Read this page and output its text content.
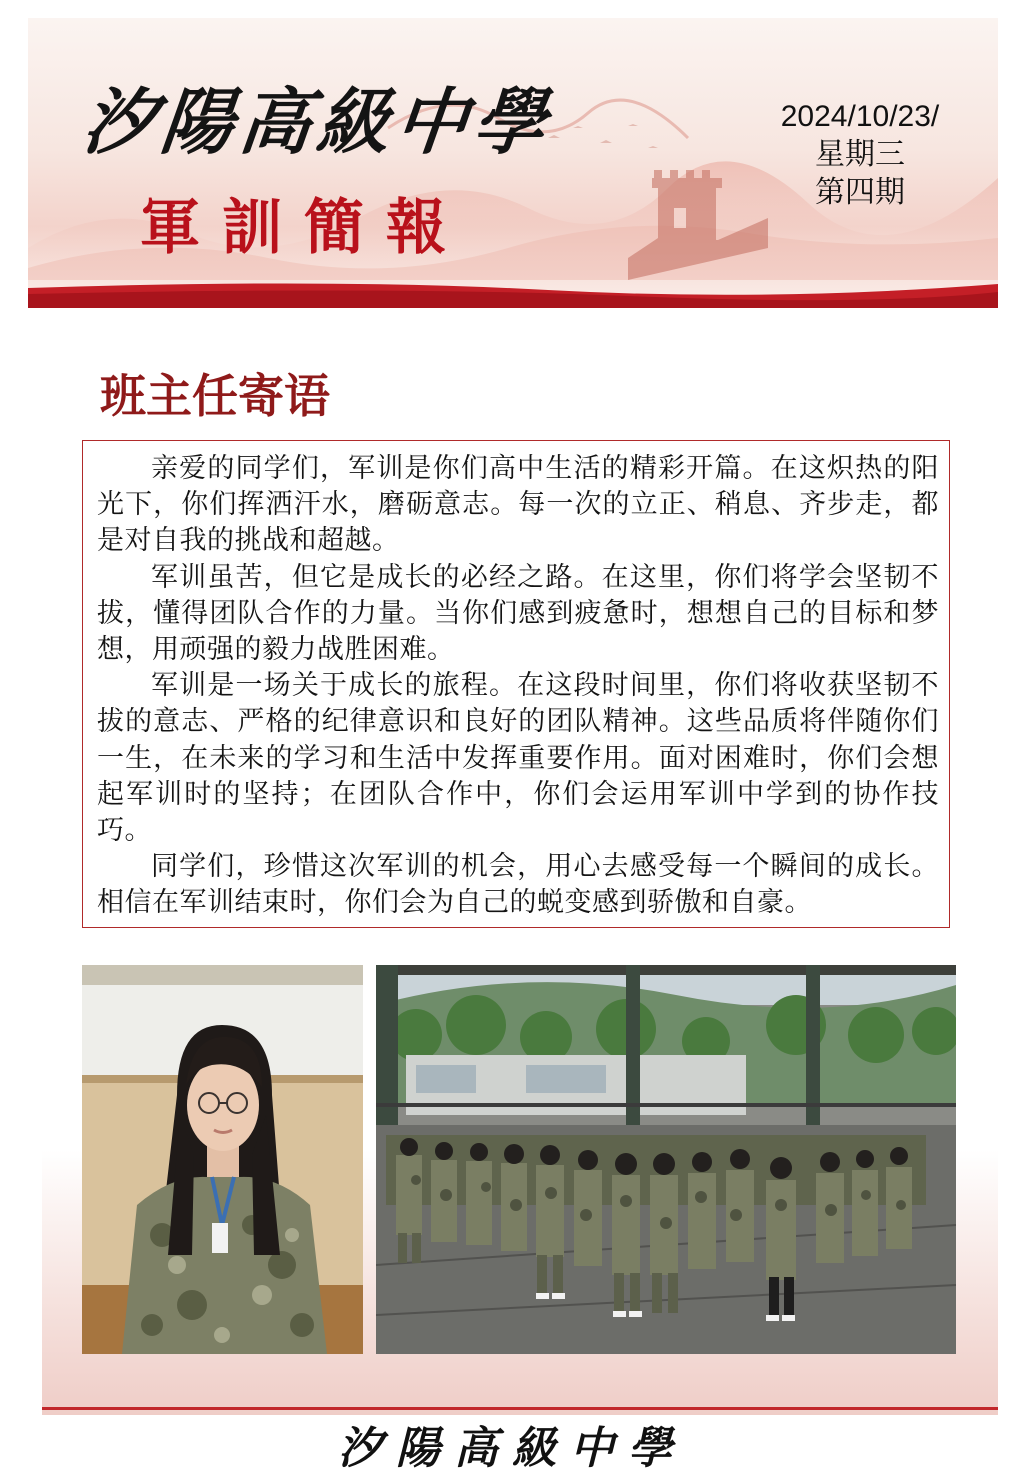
汐陽高級中學
軍訓簡報
2024/10/23/
星期三
第四期
班主任寄语

亲爱的同学们，军训是你们高中生活的精彩开篇。在这炽热的阳光下，你们挥洒汗水，磨砺意志。每一次的立正、稍息、齐步走，都是对自我的挑战和超越。

军训虽苦，但它是成长的必经之路。在这里，你们将学会坚韧不拔，懂得团队合作的力量。当你们感到疲惫时，想想自己的目标和梦想，用顽强的毅力战胜困难。

军训是一场关于成长的旅程。在这段时间里，你们将收获坚韧不拔的意志、严格的纪律意识和良好的团队精神。这些品质将伴随你们一生，在未来的学习和生活中发挥重要作用。面对困难时，你们会想起军训时的坚持；在团队合作中，你们会运用军训中学到的协作技巧。

同学们，珍惜这次军训的机会，用心去感受每一个瞬间的成长。相信在军训结束时，你们会为自己的蜕变感到骄傲和自豪。

汐陽高級中學
